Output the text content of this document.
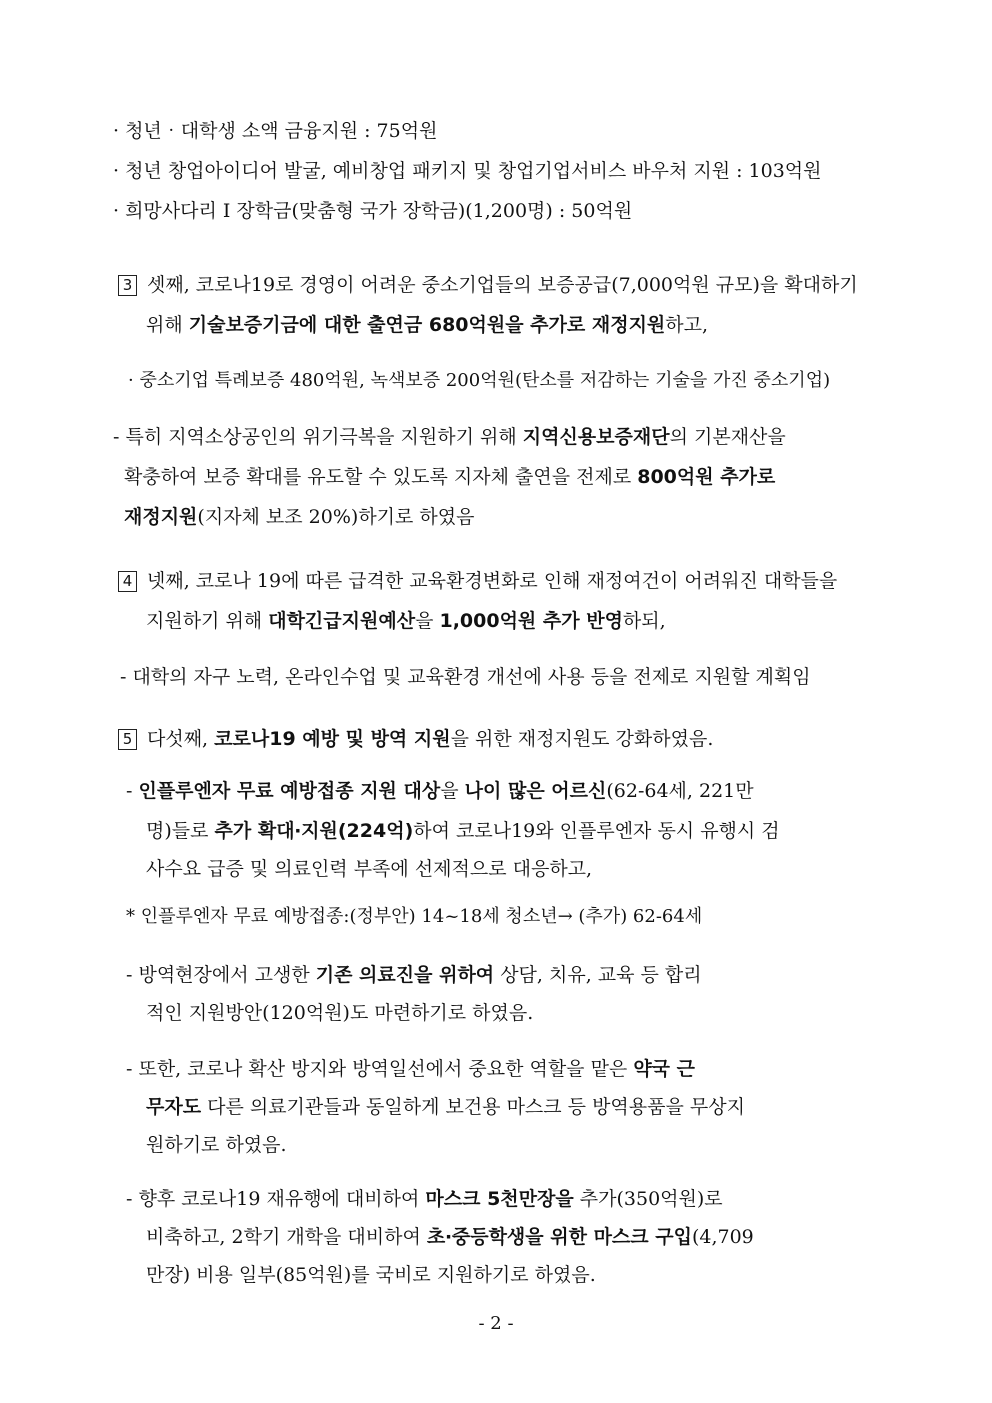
· 청년‧대학생 소액 금융지원 : 75억원
· 청년 창업아이디어 발굴, 예비창업 패키지 및 창업기업서비스 바우처 지원 : 103억원
· 희망사다리 Ⅰ 장학금(맞춤형 국가 장학금)(1,200명) : 50억원
3 셋째, 코로나19로 경영이 어려운 중소기업들의 보증공급(7,000억원 규모)을 확대하기
위해 기술보증기금에 대한 출연금 680억원을 추가로 재정지원하고,
· 중소기업 특례보증 480억원, 녹색보증 200억원(탄소를 저감하는 기술을 가진 중소기업)
- 특히 지역소상공인의 위기극복을 지원하기 위해 지역신용보증재단의 기본재산을
확충하여 보증 확대를 유도할 수 있도록 지자체 출연을 전제로 800억원 추가로
재정지원(지자체 보조 20%)하기로 하였음
4 넷째, 코로나 19에 따른 급격한 교육환경변화로 인해 재정여건이 어려워진 대학들을
지원하기 위해 대학긴급지원예산을 1,000억원 추가 반영하되,
- 대학의 자구 노력, 온라인수업 및 교육환경 개선에 사용 등을 전제로 지원할 계획임
5 다섯째, 코로나19 예방 및 방역 지원을 위한 재정지원도 강화하였음.
- 인플루엔자 무료 예방접종 지원 대상을 나이 많은 어르신(62-64세, 221만
명)들로 추가 확대‧지원(224억)하여 코로나19와 인플루엔자 동시 유행시 검
사수요 급증 및 의료인력 부족에 선제적으로 대응하고,
* 인플루엔자 무료 예방접종:(정부안) 14~18세 청소년→ (추가) 62-64세
- 방역현장에서 고생한 기존 의료진을 위하여 상담, 치유, 교육 등 합리
적인 지원방안(120억원)도 마련하기로 하였음.
- 또한, 코로나 확산 방지와 방역일선에서 중요한 역할을 맡은 약국 근
무자도 다른 의료기관들과 동일하게 보건용 마스크 등 방역용품을 무상지
원하기로 하였음.
- 향후 코로나19 재유행에 대비하여 마스크 5천만장을 추가(350억원)로
비축하고, 2학기 개학을 대비하여 초‧중등학생을 위한 마스크 구입(4,709
만장) 비용 일부(85억원)를 국비로 지원하기로 하였음.
- 2 -
